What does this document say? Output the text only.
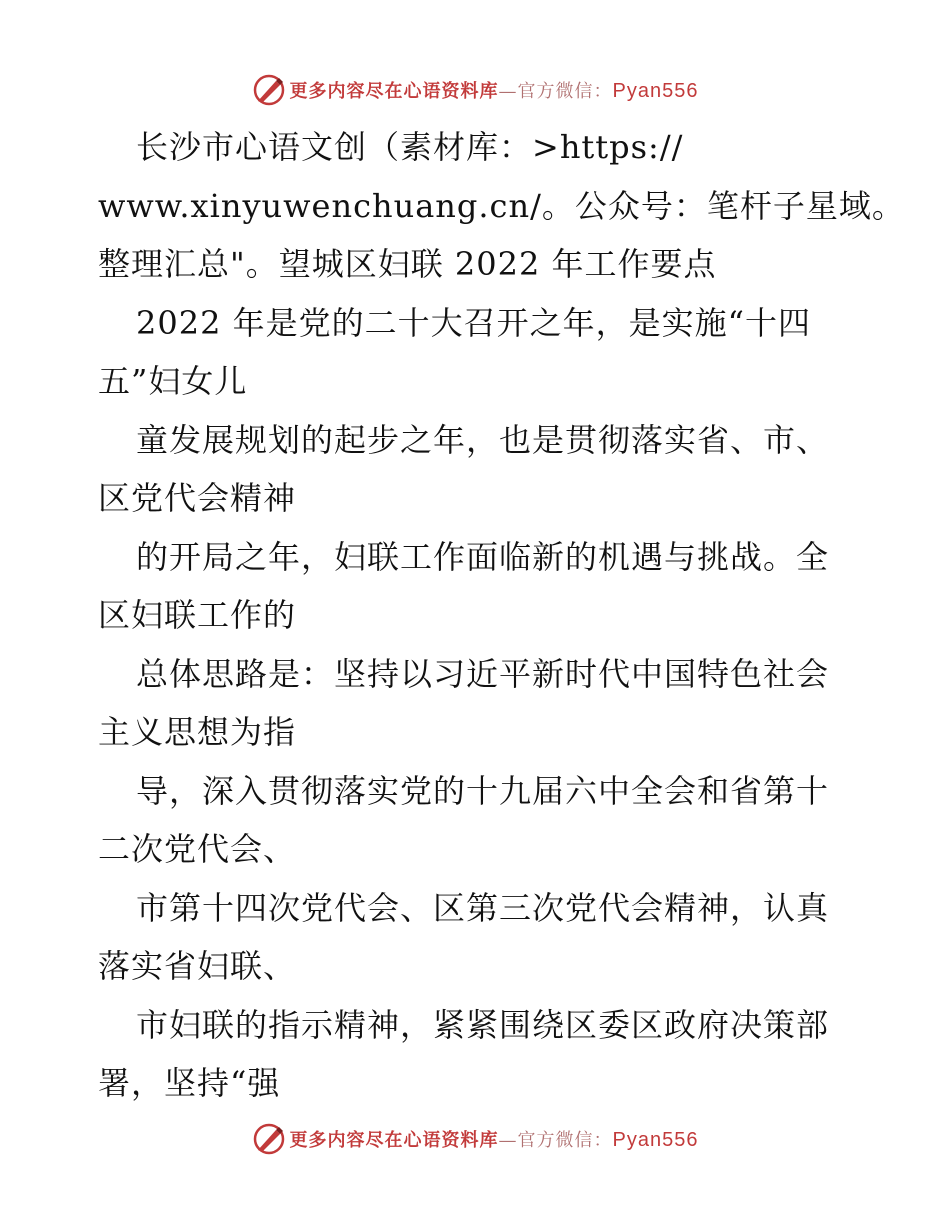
更多内容尽在心语资料库—官方微信：Pyan556
长沙市心语文创（素材库：>https://
www.xinyuwenchuang.cn/。公众号：笔杆子星域。
整理汇总"。望城区妇联 2022 年工作要点
2022 年是党的二十大召开之年，是实施“十四
五”妇女儿
童发展规划的起步之年，也是贯彻落实省、市、
区党代会精神
的开局之年，妇联工作面临新的机遇与挑战。全
区妇联工作的
总体思路是：坚持以习近平新时代中国特色社会
主义思想为指
导，深入贯彻落实党的十九届六中全会和省第十
二次党代会、
市第十四次党代会、区第三次党代会精神，认真
落实省妇联、
市妇联的指示精神，紧紧围绕区委区政府决策部
署，坚持“强
更多内容尽在心语资料库—官方微信：Pyan556
